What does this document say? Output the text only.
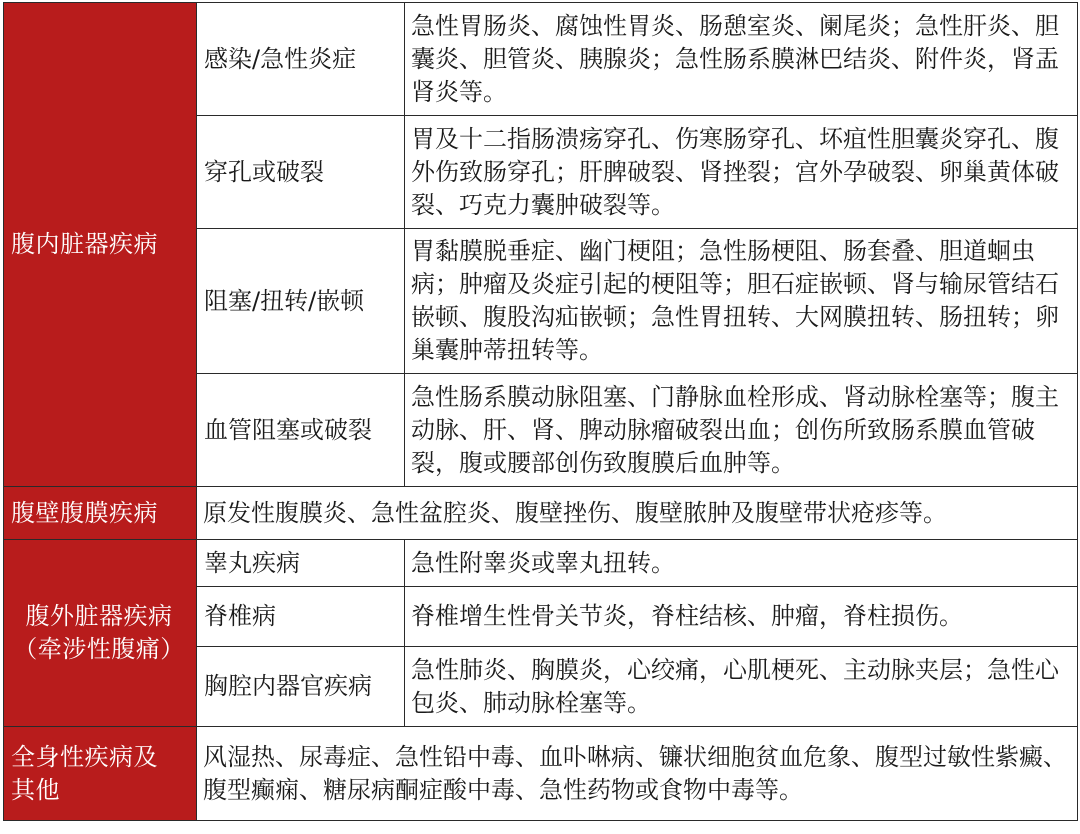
腹内脏器疾病	感染/急性炎症	急性胃肠炎、腐蚀性胃炎、肠憩室炎、阑尾炎；急性肝炎、胆囊炎、胆管炎、胰腺炎；急性肠系膜淋巴结炎、附件炎，肾盂肾炎等。
	穿孔或破裂	胃及十二指肠溃疡穿孔、伤寒肠穿孔、坏疽性胆囊炎穿孔、腹外伤致肠穿孔；肝脾破裂、肾挫裂；宫外孕破裂、卵巢黄体破裂、巧克力囊肿破裂等。
	阻塞/扭转/嵌顿	胃黏膜脱垂症、幽门梗阻；急性肠梗阻、肠套叠、胆道蛔虫病；肿瘤及炎症引起的梗阻等；胆石症嵌顿、肾与输尿管结石嵌顿、腹股沟疝嵌顿；急性胃扭转、大网膜扭转、肠扭转；卵巢囊肿蒂扭转等。
	血管阻塞或破裂	急性肠系膜动脉阻塞、门静脉血栓形成、肾动脉栓塞等；腹主动脉、肝、肾、脾动脉瘤破裂出血；创伤所致肠系膜血管破裂，腹或腰部创伤致腹膜后血肿等。
腹壁腹膜疾病	原发性腹膜炎、急性盆腔炎、腹壁挫伤、腹壁脓肿及腹壁带状疮疹等。	

腹外脏器疾病
（牵涉性腹痛）	睾丸疾病	急性附睾炎或睾丸扭转。
	脊椎病	脊椎增生性骨关节炎，脊柱结核、肿瘤，脊柱损伤。
	胸腔内器官疾病	急性肺炎、胸膜炎，心绞痛，心肌梗死、主动脉夹层；急性心包炎、肺动脉栓塞等。

全身性疾病及
其他	风湿热、尿毒症、急性铅中毒、血卟啉病、镰状细胞贫血危象、腹型过敏性紫癜、腹型癫痫、糖尿病酮症酸中毒、急性药物或食物中毒等。	
